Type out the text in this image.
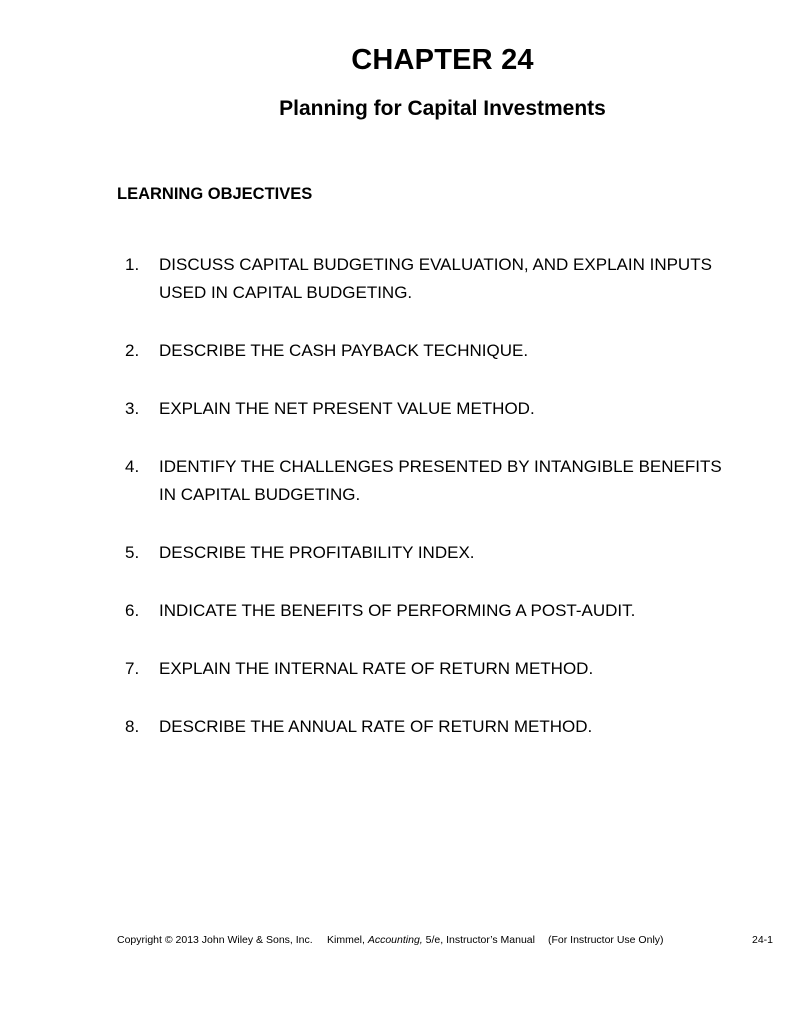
CHAPTER 24
Planning for Capital Investments
LEARNING OBJECTIVES
1.	DISCUSS CAPITAL BUDGETING EVALUATION, AND EXPLAIN INPUTS USED IN CAPITAL BUDGETING.
2.	DESCRIBE THE CASH PAYBACK TECHNIQUE.
3.	EXPLAIN THE NET PRESENT VALUE METHOD.
4.	IDENTIFY THE CHALLENGES PRESENTED BY INTANGIBLE BENEFITS IN CAPITAL BUDGETING.
5.	DESCRIBE THE PROFITABILITY INDEX.
6.	INDICATE THE BENEFITS OF PERFORMING A POST-AUDIT.
7.	EXPLAIN THE INTERNAL RATE OF RETURN METHOD.
8.	DESCRIBE THE ANNUAL RATE OF RETURN METHOD.
Copyright © 2013 John Wiley & Sons, Inc.	Kimmel, Accounting, 5/e, Instructor’s Manual	(For Instructor Use Only)	24-1
